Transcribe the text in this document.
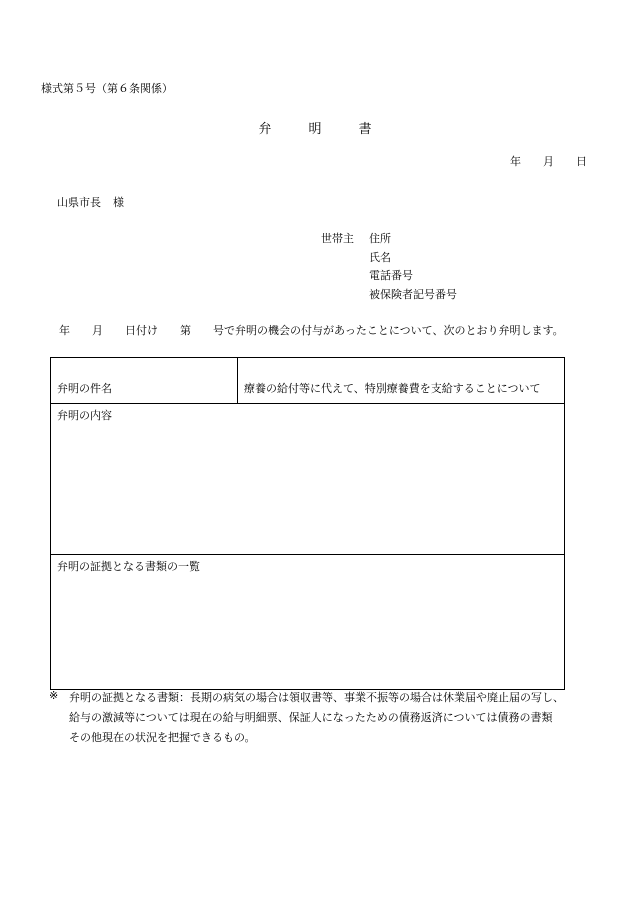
様式第５号（第６条関係）
弁　明　書
年 月 日
山県市長 様
世帯主 住所
氏名
電話番号
被保険者記号番号
年 月 日付け 第 号で弁明の機会の付与があったことについて、次のとおり弁明します。
弁明の件名	療養の給付等に代えて、特別療養費を支給することについて
弁明の内容
弁明の証拠となる書類の一覧
※ 弁明の証拠となる書類：長期の病気の場合は領収書等、事業不振等の場合は休業届や廃止届の写し、
給与の激減等については現在の給与明細票、保証人になったための債務返済については債務の書類
その他現在の状況を把握できるもの。
